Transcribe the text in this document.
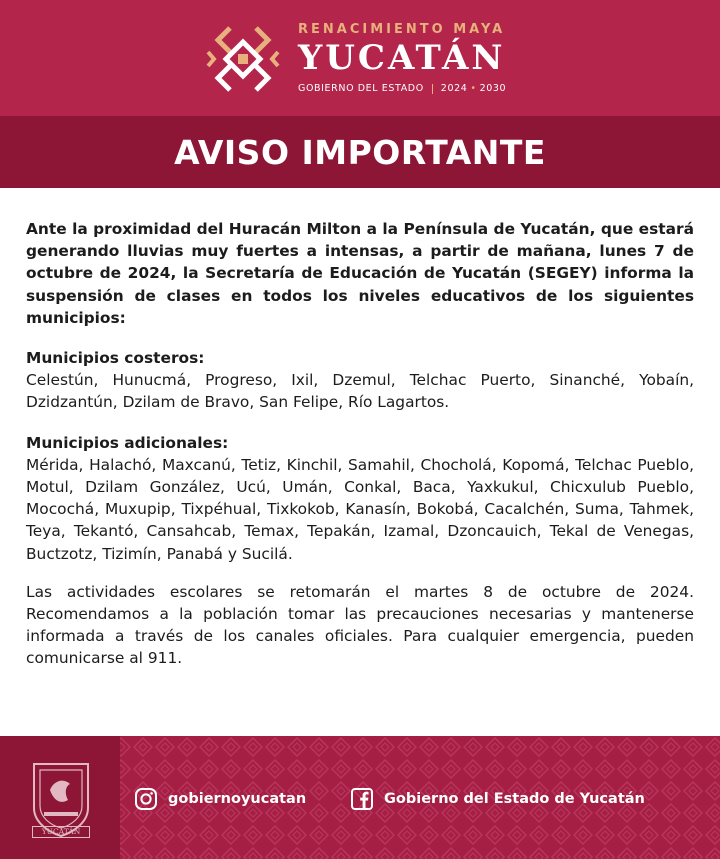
RENACIMIENTO MAYA
YUCATÁN
GOBIERNO DEL ESTADO 2024 • 2030
AVISO IMPORTANTE

Ante la proximidad del Huracán Milton a la Península de Yucatán, que estará generando lluvias muy fuertes a intensas, a partir de mañana, lunes 7 de octubre de 2024, la Secretaría de Educación de Yucatán (SEGEY) informa la suspensión de clases en todos los niveles educativos de los siguientes municipios:

Municipios costeros:

Celestún, Hunucmá, Progreso, Ixil, Dzemul, Telchac Puerto, Sinanché, Yobaín, Dzidzantún, Dzilam de Bravo, San Felipe, Río Lagartos.

Municipios adicionales:

Mérida, Halachó, Maxcanú, Tetiz, Kinchil, Samahil, Chocholá, Kopomá, Telchac Pueblo, Motul, Dzilam González, Ucú, Umán, Conkal, Baca, Yaxkukul, Chicxulub Pueblo, Mocochá, Muxupip, Tixpéhual, Tixkokob, Kanasín, Bokobá, Cacalchén, Suma, Tahmek, Teya, Tekantó, Cansahcab, Temax, Tepakán, Izamal, Dzoncauich, Tekal de Venegas, Buctzotz, Tizimín, Panabá y Sucilá.

Las actividades escolares se retomarán el martes 8 de octubre de 2024. Recomendamos a la población tomar las precauciones necesarias y mantenerse informada a través de los canales oficiales. Para cualquier emergencia, pueden comunicarse al 911.

YUCATÁN
gobiernoyucatan	Gobierno del Estado de Yucatán
